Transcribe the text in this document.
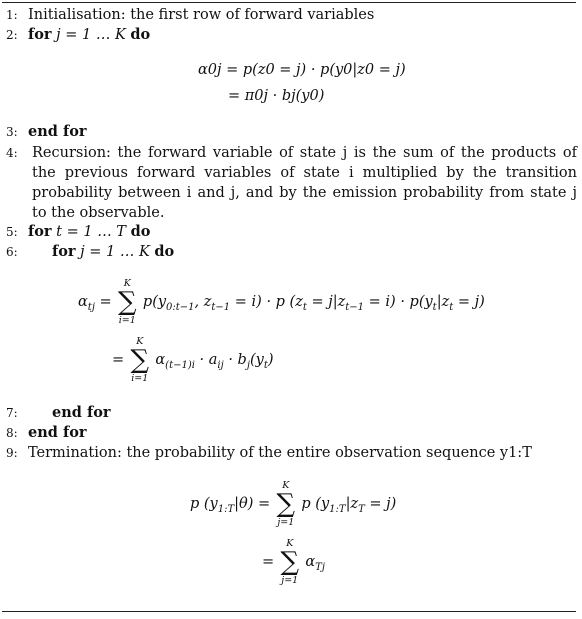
1: Initialisation: the first row of forward variables
2: for j = 1 … K do
α0j = p(z0 = j) · p(y0|z0 = j)
= π0j · bj(y0)
3: end for
4: Recursion: the forward variable of state j is the sum of the products of the previous forward variables of state i multiplied by the transition probability between i and j, and by the emission probability from state j to the observable.
5: for t = 1 … T do
6: for j = 1 … K do
$\alpha_{tj}$ =
K
∑
i=1
$p(y_{0:t-1}$, $z_{t-1} = i) \cdot p$ $(z_t = j|z_{t-1} = i) \cdot p(y_t|z_t = j)$
=
K
∑
i=1
$\alpha_{(t-1)i} \cdot a_{ij} \cdot b_j(y_t)$
7: end for
8: end for
9: Termination: the probability of the entire observation sequence y1:T
p $(y_{1:T}|\theta)$ =
K
∑
j=1
p $(y_{1:T}|z_T = j)$
=
K
∑
j=1
$\alpha_{Tj}$
